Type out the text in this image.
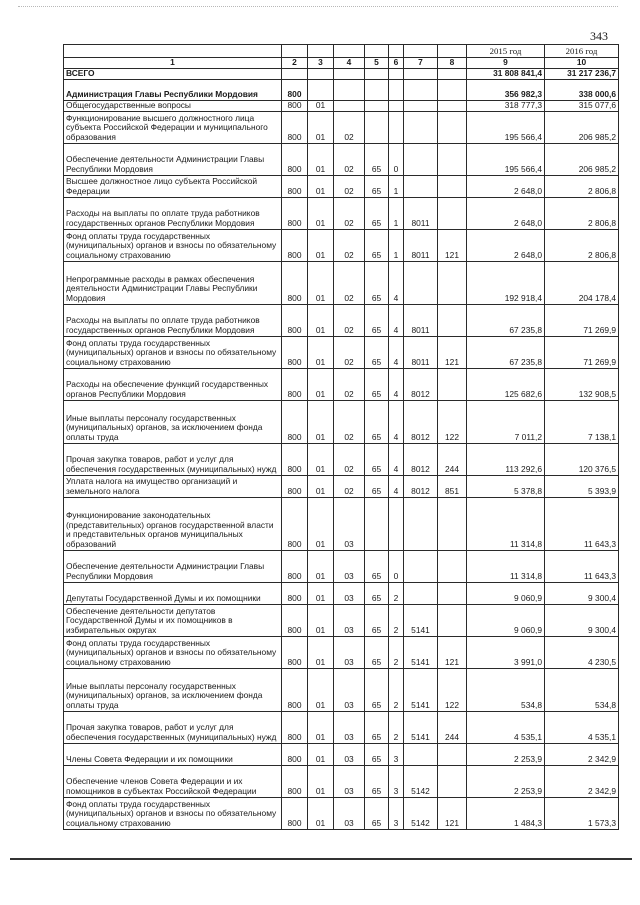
343
								2015 год	2016 год
1	2	3	4	5	6	7	8	9	10
ВСЕГО								31 808 841,4	31 217 236,7
Администрация Главы Республики Мордовия	800							356 982,3	338 000,6
Общегосударственные вопросы	800	01						318 777,3	315 077,6
Функционирование высшего должностного лица субъекта Российской Федерации и муниципального образования	800	01	02					195 566,4	206 985,2
Обеспечение деятельности Администрации Главы Республики Мордовия	800	01	02	65	0			195 566,4	206 985,2
Высшее должностное лицо субъекта Российской Федерации	800	01	02	65	1			2 648,0	2 806,8
Расходы на выплаты по оплате труда работников государственных органов Республики Мордовия	800	01	02	65	1	8011		2 648,0	2 806,8
Фонд оплаты труда государственных (муниципальных) органов и взносы по обязательному социальному страхованию	800	01	02	65	1	8011	121	2 648,0	2 806,8
Непрограммные расходы в рамках обеспечения деятельности Администрации Главы Республики Мордовия	800	01	02	65	4			192 918,4	204 178,4
Расходы на выплаты по оплате труда работников государственных органов Республики Мордовия	800	01	02	65	4	8011		67 235,8	71 269,9
Фонд оплаты труда государственных (муниципальных) органов и взносы по обязательному социальному страхованию	800	01	02	65	4	8011	121	67 235,8	71 269,9
Расходы на обеспечение функций государственных органов Республики Мордовия	800	01	02	65	4	8012		125 682,6	132 908,5
Иные выплаты персоналу государственных (муниципальных) органов, за исключением фонда оплаты труда	800	01	02	65	4	8012	122	7 011,2	7 138,1
Прочая закупка товаров, работ и услуг для обеспечения государственных (муниципальных) нужд	800	01	02	65	4	8012	244	113 292,6	120 376,5
Уплата налога на имущество организаций и земельного налога	800	01	02	65	4	8012	851	5 378,8	5 393,9
Функционирование законодательных (представительных) органов государственной власти и представительных органов муниципальных образований	800	01	03					11 314,8	11 643,3
Обеспечение деятельности Администрации Главы Республики Мордовия	800	01	03	65	0			11 314,8	11 643,3
Депутаты Государственной Думы и их помощники	800	01	03	65	2			9 060,9	9 300,4
Обеспечение деятельности депутатов Государственной Думы и их помощников в избирательных округах	800	01	03	65	2	5141		9 060,9	9 300,4
Фонд оплаты труда государственных (муниципальных) органов и взносы по обязательному социальному страхованию	800	01	03	65	2	5141	121	3 991,0	4 230,5
Иные выплаты персоналу государственных (муниципальных) органов, за исключением фонда оплаты труда	800	01	03	65	2	5141	122	534,8	534,8
Прочая закупка товаров, работ и услуг для обеспечения государственных (муниципальных) нужд	800	01	03	65	2	5141	244	4 535,1	4 535,1
Члены Совета Федерации и их помощники	800	01	03	65	3			2 253,9	2 342,9
Обеспечение членов Совета Федерации и их помощников в субъектах Российской Федерации	800	01	03	65	3	5142		2 253,9	2 342,9
Фонд оплаты труда государственных (муниципальных) органов и взносы по обязательному социальному страхованию	800	01	03	65	3	5142	121	1 484,3	1 573,3
